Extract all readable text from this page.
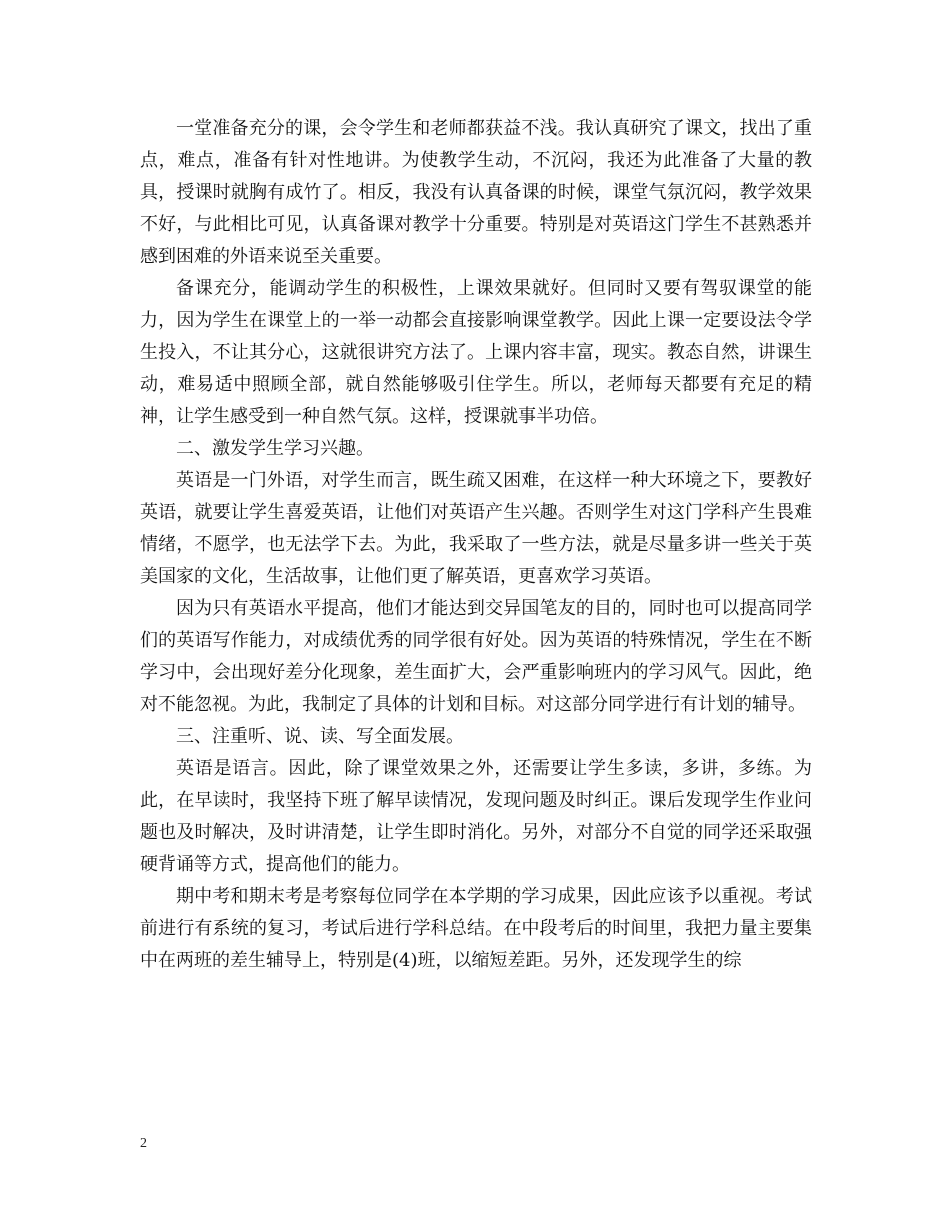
一堂准备充分的课，会令学生和老师都获益不浅。我认真研究了课文，找出了重点，难点，准备有针对性地讲。为使教学生动，不沉闷，我还为此准备了大量的教具，授课时就胸有成竹了。相反，我没有认真备课的时候，课堂气氛沉闷，教学效果不好，与此相比可见，认真备课对教学十分重要。特别是对英语这门学生不甚熟悉并感到困难的外语来说至关重要。

备课充分，能调动学生的积极性，上课效果就好。但同时又要有驾驭课堂的能力，因为学生在课堂上的一举一动都会直接影响课堂教学。因此上课一定要设法令学生投入，不让其分心，这就很讲究方法了。上课内容丰富，现实。教态自然，讲课生动，难易适中照顾全部，就自然能够吸引住学生。所以，老师每天都要有充足的精神，让学生感受到一种自然气氛。这样，授课就事半功倍。

二、激发学生学习兴趣。

英语是一门外语，对学生而言，既生疏又困难，在这样一种大环境之下，要教好英语，就要让学生喜爱英语，让他们对英语产生兴趣。否则学生对这门学科产生畏难情绪，不愿学，也无法学下去。为此，我采取了一些方法，就是尽量多讲一些关于英美国家的文化，生活故事，让他们更了解英语，更喜欢学习英语。

因为只有英语水平提高，他们才能达到交异国笔友的目的，同时也可以提高同学们的英语写作能力，对成绩优秀的同学很有好处。因为英语的特殊情况，学生在不断学习中，会出现好差分化现象，差生面扩大，会严重影响班内的学习风气。因此，绝对不能忽视。为此，我制定了具体的计划和目标。对这部分同学进行有计划的辅导。

三、注重听、说、读、写全面发展。

英语是语言。因此，除了课堂效果之外，还需要让学生多读，多讲，多练。为此，在早读时，我坚持下班了解早读情况，发现问题及时纠正。课后发现学生作业问题也及时解决，及时讲清楚，让学生即时消化。另外，对部分不自觉的同学还采取强硬背诵等方式，提高他们的能力。

期中考和期末考是考察每位同学在本学期的学习成果，因此应该予以重视。考试前进行有系统的复习，考试后进行学科总结。在中段考后的时间里，我把力量主要集中在两班的差生辅导上，特别是(4)班，以缩短差距。另外，还发现学生的综

2
